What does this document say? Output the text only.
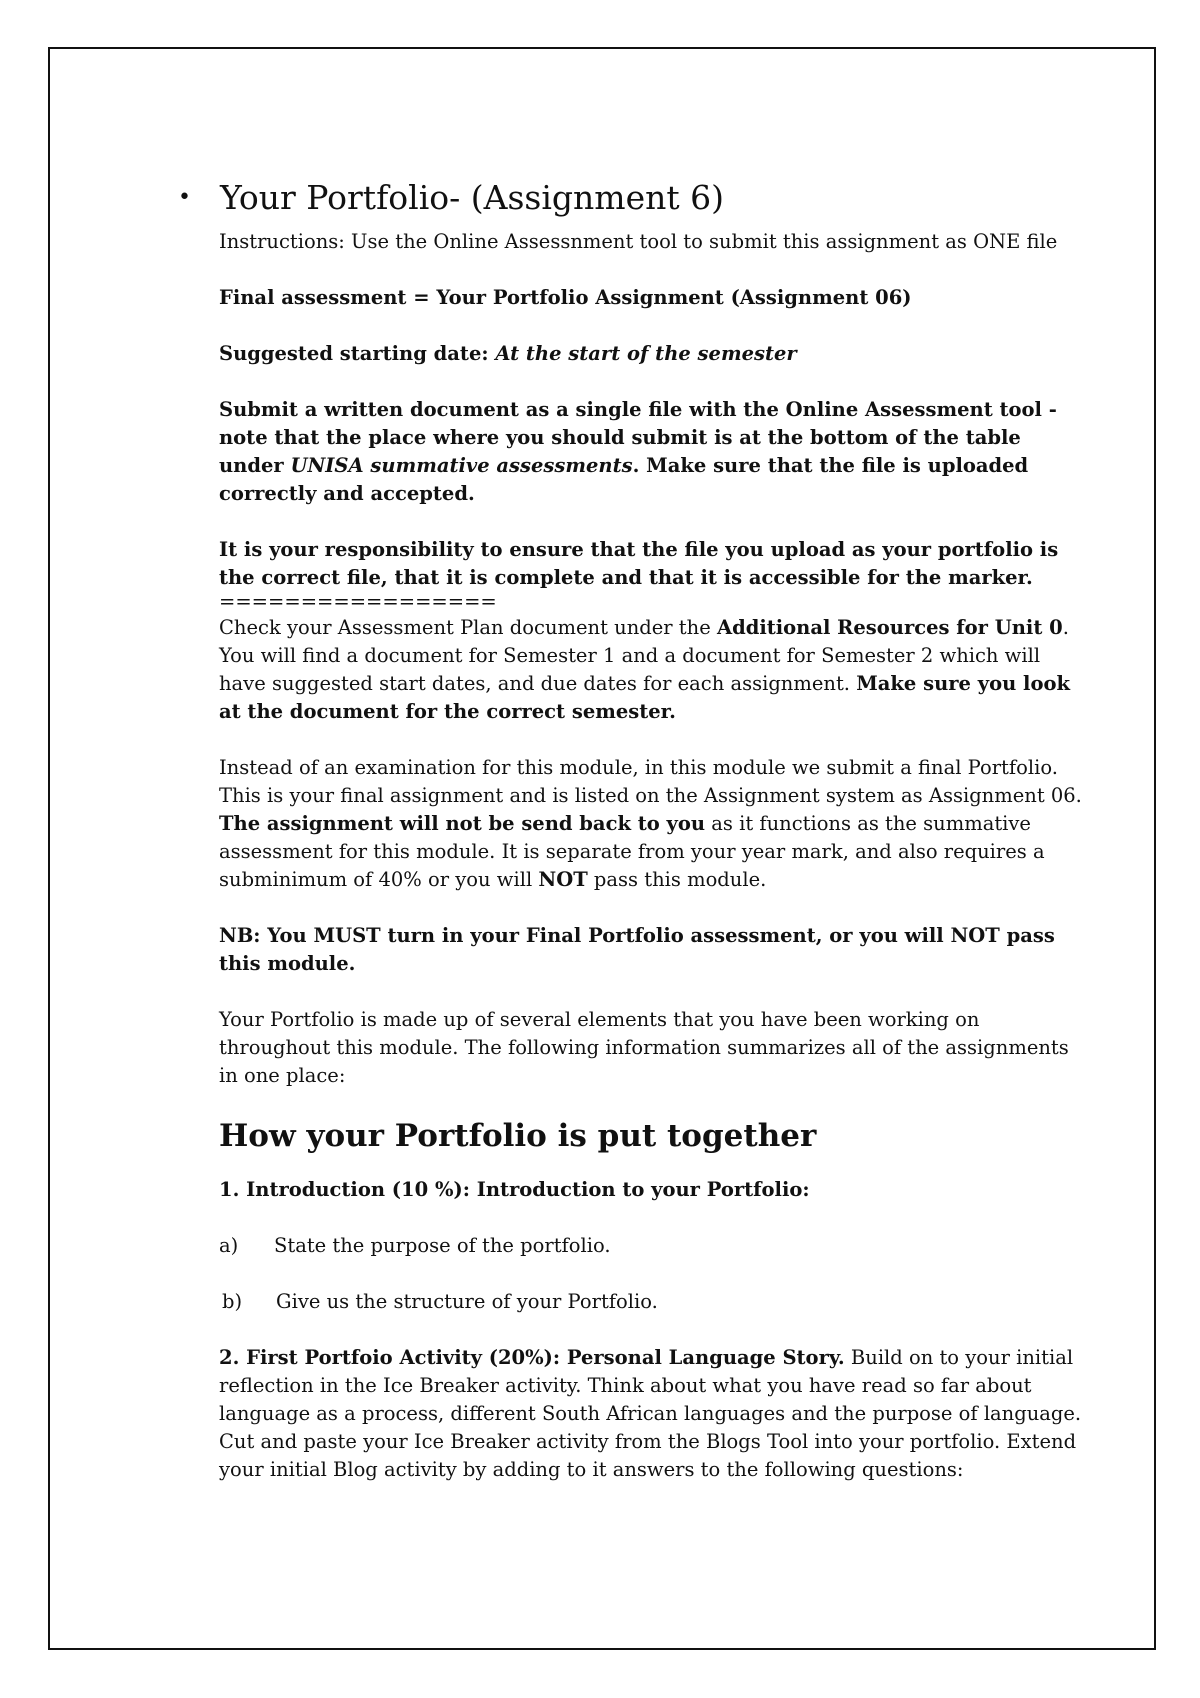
• Your Portfolio- (Assignment 6)

Instructions: Use the Online Assessnment tool to submit this assignment as ONE file

Final assessment = Your Portfolio Assignment (Assignment 06)

Suggested starting date: At the start of the semester

Submit a written document as a single file with the Online Assessment tool - note that the place where you should submit is at the bottom of the table under UNISA summative assessments. Make sure that the file is uploaded correctly and accepted.

It is your responsibility to ensure that the file you upload as your portfolio is the correct file, that it is complete and that it is accessible for the marker.

=================

Check your Assessment Plan document under the Additional Resources for Unit 0. You will find a document for Semester 1 and a document for Semester 2 which will have suggested start dates, and due dates for each assignment. Make sure you look at the document for the correct semester.

Instead of an examination for this module, in this module we submit a final Portfolio. This is your final assignment and is listed on the Assignment system as Assignment 06. The assignment will not be send back to you as it functions as the summative assessment for this module. It is separate from your year mark, and also requires a subminimum of 40% or you will NOT pass this module.

NB: You MUST turn in your Final Portfolio assessment, or you will NOT pass this module.

Your Portfolio is made up of several elements that you have been working on throughout this module. The following information summarizes all of the assignments in one place:

How your Portfolio is put together

1. Introduction (10 %): Introduction to your Portfolio:

a) State the purpose of the portfolio.

b) Give us the structure of your Portfolio.

2. First Portfoio Activity (20%): Personal Language Story. Build on to your initial reflection in the Ice Breaker activity. Think about what you have read so far about language as a process, different South African languages and the purpose of language. Cut and paste your Ice Breaker activity from the Blogs Tool into your portfolio. Extend your initial Blog activity by adding to it answers to the following questions:
